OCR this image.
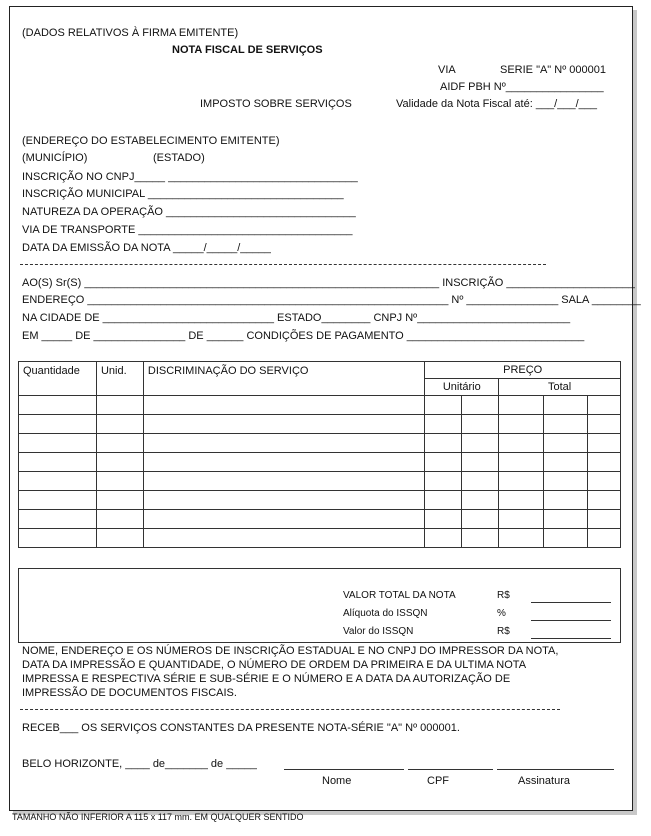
(DADOS RELATIVOS À FIRMA EMITENTE)
NOTA FISCAL DE SERVIÇOS
VIA	SERIE "A" Nº 000001
AIDF PBH Nº________________
IMPOSTO SOBRE SERVIÇOS	Validade da Nota Fiscal até: ___/___/___
(ENDEREÇO DO ESTABELECIMENTO EMITENTE)
(MUNICÍPIO)	(ESTADO)
INSCRIÇÃO NO CNPJ_____ _______________________________
INSCRIÇÃO MUNICIPAL ________________________________
NATUREZA DA OPERAÇÃO _______________________________
VIA DE TRANSPORTE ___________________________________
DATA DA EMISSÃO DA NOTA _____/_____/_____
AO(S) Sr(S) __________________________________________________________ INSCRIÇÃO _____________________
ENDEREÇO ___________________________________________________________ Nº _______________ SALA ________
NA CIDADE DE ____________________________ ESTADO________ CNPJ Nº_________________________
EM _____ DE _______________ DE ______ CONDIÇÕES DE PAGAMENTO _____________________________
Quantidade	Unid.	DISCRIMINAÇÃO DO SERVIÇO	PREÇO				
			Unitário		Total		

VALOR TOTAL DA NOTA	R$
Alíquota do ISSQN	%
Valor do ISSQN	R$
NOME, ENDEREÇO E OS NÚMEROS DE INSCRIÇÃO ESTADUAL E NO CNPJ DO IMPRESSOR DA NOTA,
DATA DA IMPRESSÃO E QUANTIDADE, O NÚMERO DE ORDEM DA PRIMEIRA E DA ULTIMA NOTA
IMPRESSA E RESPECTIVA SÉRIE E SUB-SÉRIE E O NÚMERO E A DATA DA AUTORIZAÇÃO DE
IMPRESSÃO DE DOCUMENTOS FISCAIS.
RECEB___ OS SERVIÇOS CONSTANTES DA PRESENTE NOTA-SÉRIE "A" Nº 000001.
BELO HORIZONTE, ____ de_______ de _____
Nome	CPF	Assinatura
TAMANHO NÃO INFERIOR A 115 x 117 mm. EM QUALQUER SENTIDO
